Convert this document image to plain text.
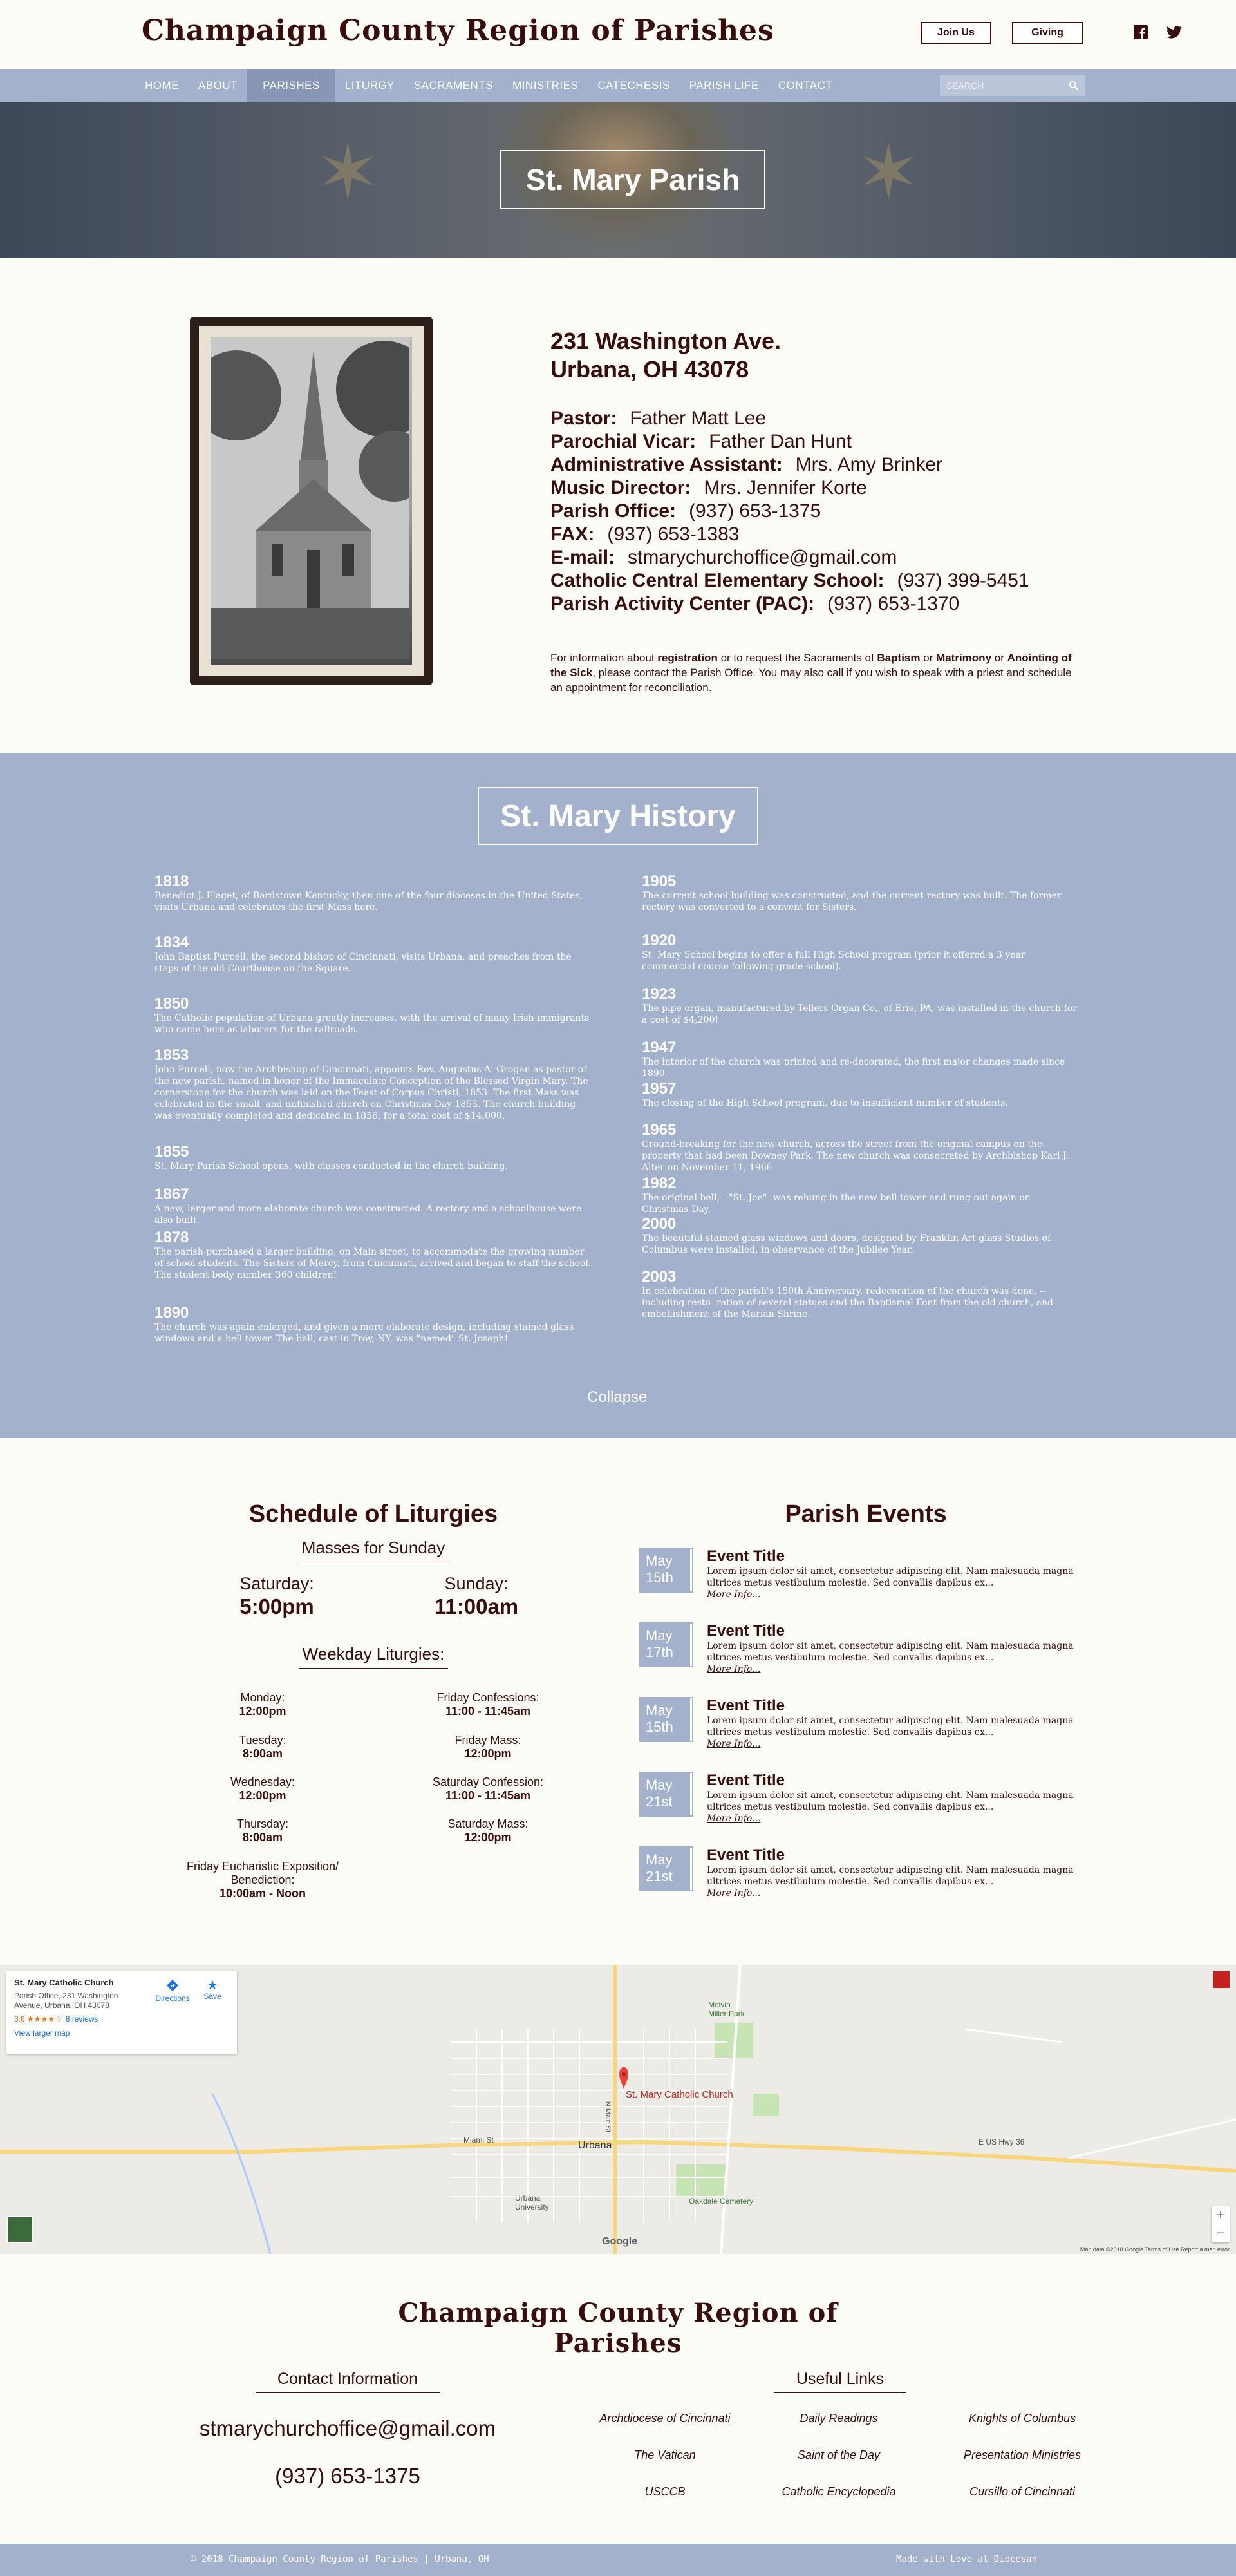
Champaign County Region of Parishes	Join Us	Giving
HOME	ABOUT	PARISHES	LITURGY	SACRAMENTS	MINISTRIES	CATECHESIS	PARISH LIFE	CONTACT
SEARCH
✶	✶
St. Mary Parish
231 Washington Ave.
Urbana, OH 43078
Pastor: Father Matt Lee
Parochial Vicar: Father Dan Hunt
Administrative Assistant: Mrs. Amy Brinker
Music Director: Mrs. Jennifer Korte
Parish Office: (937) 653-1375
FAX: (937) 653-1383
E-mail: stmarychurchoffice@gmail.com
Catholic Central Elementary School: (937) 399-5451
Parish Activity Center (PAC): (937) 653-1370

For information about registration or to request the Sacraments of Baptism or Matrimony or Anointing of the Sick, please contact the Parish Office. You may also call if you wish to speak with a priest and schedule an appointment for reconciliation.

St. Mary History
1818
Benedict J. Flaget, of Bardstown Kentucky, then one of the four dioceses in the United States, visits Urbana and celebrates the first Mass here.
1834
John Baptist Purcell, the second bishop of Cincinnati, visits Urbana, and preaches from the steps of the old Courthouse on the Square.
1850
The Catholic population of Urbana greatly increases, with the arrival of many Irish immigrants who came here as laborers for the railroads.
1853
John Purcell, now the Archbishop of Cincinnati, appoints Rev. Augustus A. Grogan as pastor of the new parish, named in honor of the Immaculate Conception of the Blessed Virgin Mary. The cornerstone for the church was laid on the Feast of Corpus Christi, 1853. The first Mass was celebrated in the small, and unfinished church on Christmas Day 1853. The church building was eventually completed and dedicated in 1856, for a total cost of $14,000.
1855
St. Mary Parish School opens, with classes conducted in the church building.
1867
A new, larger and more elaborate church was constructed. A rectory and a schoolhouse were also built.
1878
The parish purchased a larger building, on Main street, to accommodate the growing number of school students. The Sisters of Mercy, from Cincinnati, arrived and began to staff the school. The student body number 360 children!
1890
The church was again enlarged, and given a more elaborate design, including stained glass windows and a bell tower. The bell, cast in Troy, NY, was "named" St. Joseph!
1905
The current school building was constructed, and the current rectory was built. The former rectory was converted to a convent for Sisters.
1920
St. Mary School begins to offer a full High School program (prior it offered a 3 year commercial course following grade school).
1923
The pipe organ, manufactured by Tellers Organ Co., of Erie, PA, was installed in the church for a cost of $4,200!
1947
The interior of the church was printed and re-decorated, the first major changes made since 1890.
1957
The closing of the High School program, due to insufficient number of students.
1965
Ground-breaking for the new church, across the street from the original campus on the property that had been Downey Park. The new church was consecrated by Archbishop Karl J. Alter on November 11, 1966
1982
The original bell, --"St. Joe"--was rehung in the new bell tower and rung out again on Christmas Day.
2000
The beautiful stained glass windows and doors, designed by Franklin Art glass Studios of Columbus were installed, in observance of the Jubilee Year.
2003
In celebration of the parish's 150th Anniversary, redecoration of the church was done, -- including resto- ration of several statues and the Baptismal Font from the old church, and embellishment of the Marian Shrine.
Collapse
Schedule of Liturgies
Masses for Sunday
Saturday:
5:00pm
Sunday:
11:00am
Weekday Liturgies:
Monday:
12:00pm
Friday Confessions:
11:00 - 11:45am
Tuesday:
8:00am
Friday Mass:
12:00pm
Wednesday:
12:00pm
Saturday Confession:
11:00 - 11:45am
Thursday:
8:00am
Saturday Mass:
12:00pm
Friday Eucharistic Exposition/ Benediction:
10:00am - Noon
Parish Events
May
15th
Event Title
Lorem ipsum dolor sit amet, consectetur adipiscing elit. Nam malesuada magna ultrices metus vestibulum molestie. Sed convallis dapibus ex...
More Info...
May
17th
Event Title
Lorem ipsum dolor sit amet, consectetur adipiscing elit. Nam malesuada magna ultrices metus vestibulum molestie. Sed convallis dapibus ex...
More Info...
May
15th
Event Title
Lorem ipsum dolor sit amet, consectetur adipiscing elit. Nam malesuada magna ultrices metus vestibulum molestie. Sed convallis dapibus ex...
More Info...
May
21st
Event Title
Lorem ipsum dolor sit amet, consectetur adipiscing elit. Nam malesuada magna ultrices metus vestibulum molestie. Sed convallis dapibus ex...
More Info...
May
21st
Event Title
Lorem ipsum dolor sit amet, consectetur adipiscing elit. Nam malesuada magna ultrices metus vestibulum molestie. Sed convallis dapibus ex...
More Info...
St. Mary Catholic Church
Parish Office, 231 Washington Avenue, Urbana, OH 43078
3.6 ★★★★☆ 8 reviews
View larger map
Directions
★
Save
St. Mary Catholic Church
Urbana
Melvin Miller Park
Oakdale Cemetery
Urbana University
Miami St	E US Hwy 36
N Main St
+
−
Google
Map data ©2018 Google Terms of Use Report a map error
Champaign County Region of Parishes
Contact Information
stmarychurchoffice@gmail.com
(937) 653-1375
Useful Links
Archdiocese of Cincinnati	Daily Readings	Knights of Columbus
The Vatican	Saint of the Day	Presentation Ministries
USCCB	Catholic Encyclopedia	Cursillo of Cincinnati
© 2018 Champaign County Region of Parishes | Urbana, OH	Made with Love at Diocesan
